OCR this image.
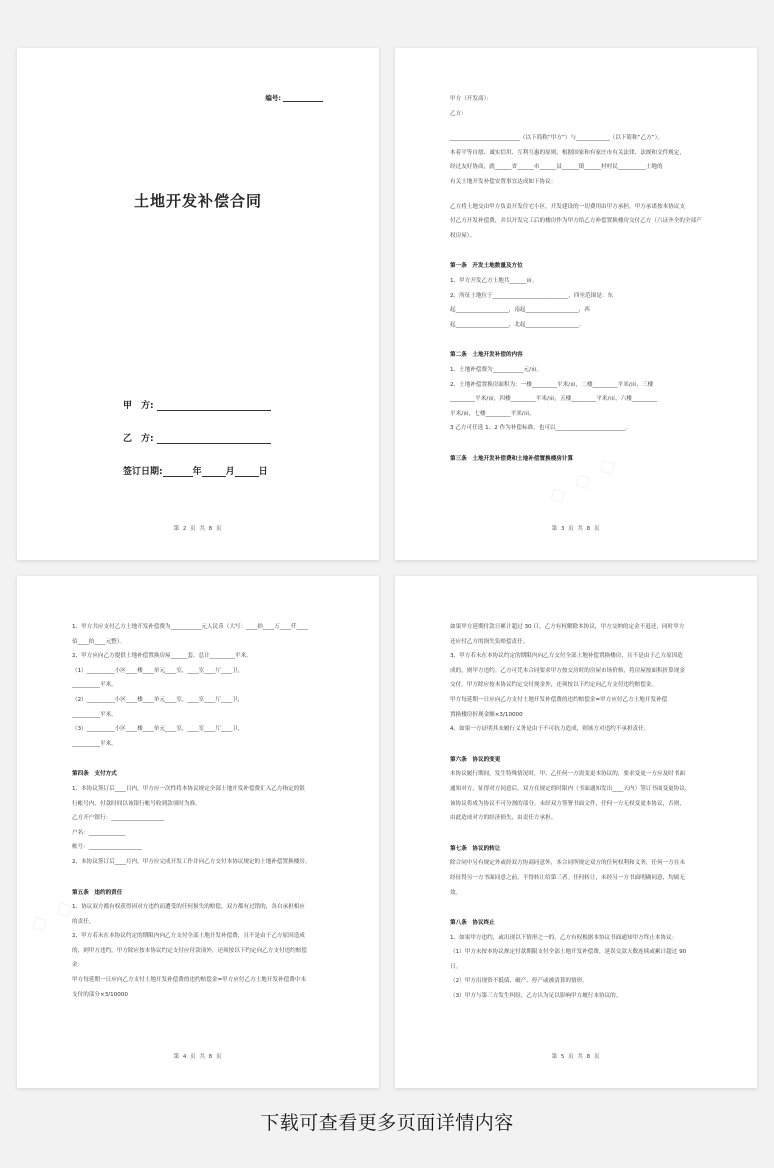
编号:
土地开发补偿合同
甲　方:
乙　方:
签订日期:	年	月	日
第 2 页 共 8 页

甲方（开发商）：

乙方：

_________________________（以下简称“甲方”）与____________（以下简称“乙方”）。

本着平等自愿、诚实信用、互利互惠的原则，根据国家和有家庄市有关法律、法规和文件规定，

经过友好协商，就______省______市______县______镇______村村民__________土地的

有关土地开发补偿安置事宜达成如下协议：

乙方将土地交由甲方负责开发住宅小区，开发建设的一切费用由甲方承担。甲方承诺按本协议支

付乙方开发补偿费，并以开发完工后的楼房作为甲方给乙方补偿置换楼房交付乙方（六证齐全的全部产

权房屋）。

第一条　开发土地数量及方位

1、甲方开发乙方土地共______亩。

2、所征土地位于___________________________，四至范围是：东

起___________________，南起___________________，西

起___________________，北起___________________。

第二条　土地开发补偿的内容

1、土地补偿费为___________元/亩。

2、土地补偿置换房面积为：一楼_________平米/亩，二楼_________平米/亩，三楼

_________平米/亩，四楼_________平米/亩，五楼_________平米/亩，六楼_________

平米/亩，七楼_________平米/亩。

3 乙方可任选 1、2 作为补偿标准，也可以_________________________。

第三条　土地开发补偿费和土地补偿置换楼房计算

第 3 页 共 8 页

1、甲方共应支付乙方土地开发补偿费为___________元人民币（大写：____拾____万____仟____

佰____拾____元整）。

2、甲方应向乙方提供土地补偿置换房屋______套，总计_________平米。

（1）__________小区____楼____单元____室，____室____厅____卫，

__________平米。

（2）__________小区____楼____单元____室，____室____厅____卫，

__________平米。

（3）__________小区____楼____单元____室，____室____厅____卫，

__________平米。

第四条　支付方式

1、本协议签订后____日内，甲方应一次性将本协议规定全部土地开发补偿费汇入乙方指定的银

行帐号内，付款时间以该银行帐号收到款项时为准。

乙方开户银行：___________________

户名：_____________

帐号：___________________

2、本协议签订后____月内，甲方应完成开发工作并向乙方交付本协议规定的土地补偿置换楼房。

第五条　违约的责任

1、协议双方都有权获得因对方违约而遭受的任何损失的赔偿，双方都有过错的，各自承担相应

的责任。

2、甲方若未在本协议约定的期限内向乙方支付全部土地开发补偿费，且不是由于乙方原因造成

的，则甲方违约。甲方除应按本协议约定支付应付款项外，还须按以下约定向乙方支付违约赔偿

金：

甲方每延期一日应向乙方支付土地开发补偿费的违约赔偿金=甲方应付乙方土地开发补偿费中未

支付的部分×3/10000

第 4 页 共 8 页

如果甲方延期付款日累计超过 30 日，乙方有权解除本协议，甲方交纳的定金不退还，同时甲方

还应付乙方的损失负赔偿责任。

3、甲方若未在本协议约定的期限内向乙方交付全部土地补偿置换楼房，且不是由于乙方原因造

成的，则甲方违约。乙方可凭本合同要求甲方按交房时的房屋市场价格，将房屋按面积折算现金

交付。甲方除应按本协议约定交付现金外，还须按以下约定向乙方支付违约赔偿金。

甲方每延期一日应向乙方支付土地开发补偿费的违约赔偿金=甲方应付乙方土地开发补偿

置换楼房折现金额×3/10000

4、如果一方证明其未履行义务是由于不可抗力造成，则该方对违约不承担责任。

第六条　协议的变更

本协议履行期间，发生特殊情况时，甲、乙任何一方需变更本协议的，要求变更一方应及时书面

通知对方，征得对方同意后，双方在规定的时限内（书面通知发出____天内）签订书面变更协议，

该协议将成为协议不可分割的部分。未经双方签署书面文件，任何一方无权变更本协议，否则，

由此造成对方的经济损失，由责任方承担。

第七条　协议的转让

除合同中另有规定外或经双方协商同意外，本合同所规定双方的任何权利和义务，任何一方在未

经征得另一方书面同意之前，不得转让给第三者。任何转让，未经另一方书面明确同意，均属无

效。

第八条　协议终止

1、如果甲方违约，或出现以下情形之一的，乙方有权根据本协议书面通知甲方终止本协议：

（1）甲方未按本协议规定付款期限支付全部土地开发补偿费，延误交款天数连续或累计超过 90

日。

（2）甲方出现资不抵债、破产、停产或被清算的情形。

（3）甲方与第三方发生纠纷，乙方认为足以影响甲方履行本协议的。

第 5 页 共 8 页
下载可查看更多页面详情内容
